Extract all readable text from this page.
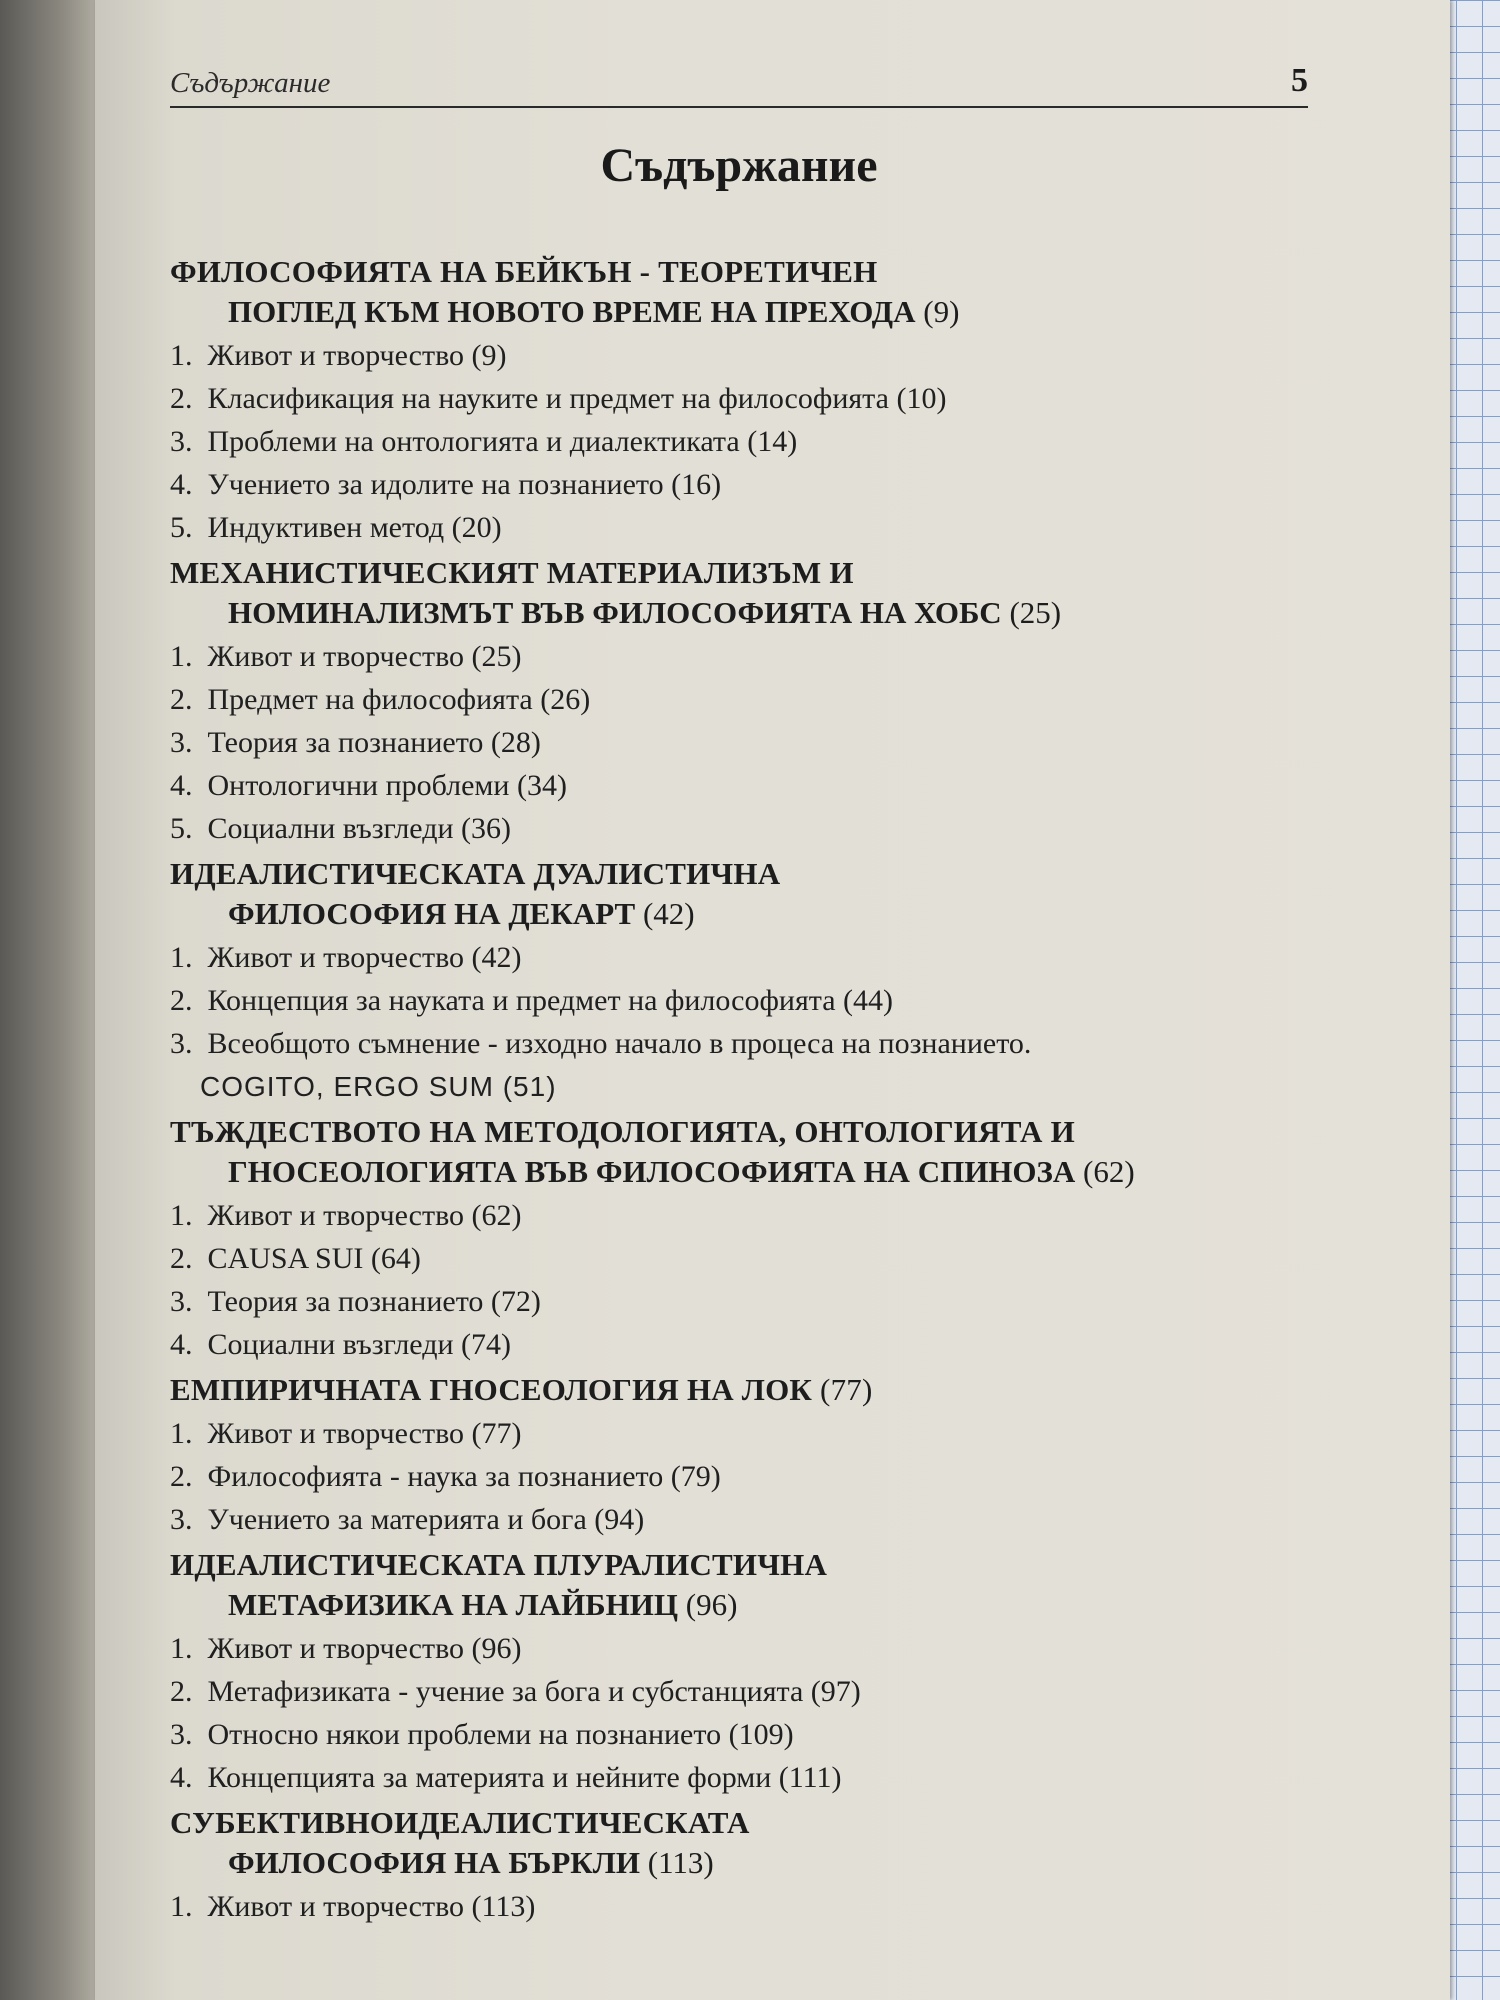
Съдържание	5
Съдържание
ФИЛОСОФИЯТА НА БЕЙКЪН - ТЕОРЕТИЧЕН
ПОГЛЕД КЪМ НОВОТО ВРЕМЕ НА ПРЕХОДА (9)
1. Живот и творчество (9)
2. Класификация на науките и предмет на философията (10)
3. Проблеми на онтологията и диалектиката (14)
4. Учението за идолите на познанието (16)
5. Индуктивен метод (20)
МЕХАНИСТИЧЕСКИЯТ МАТЕРИАЛИЗЪМ И
НОМИНАЛИЗМЪТ ВЪВ ФИЛОСОФИЯТА НА ХОБС (25)
1. Живот и творчество (25)
2. Предмет на философията (26)
3. Теория за познанието (28)
4. Онтологични проблеми (34)
5. Социални възгледи (36)
ИДЕАЛИСТИЧЕСКАТА ДУАЛИСТИЧНА
ФИЛОСОФИЯ НА ДЕКАРТ (42)
1. Живот и творчество (42)
2. Концепция за науката и предмет на философията (44)
3. Всеобщото съмнение - изходно начало в процеса на познанието.
COGITO, ERGO SUM (51)
ТЪЖДЕСТВОТО НА МЕТОДОЛОГИЯТА, ОНТОЛОГИЯТА И
ГНОСЕОЛОГИЯТА ВЪВ ФИЛОСОФИЯТА НА СПИНОЗА (62)
1. Живот и творчество (62)
2. CAUSA SUI (64)
3. Теория за познанието (72)
4. Социални възгледи (74)
ЕМПИРИЧНАТА ГНОСЕОЛОГИЯ НА ЛОК (77)
1. Живот и творчество (77)
2. Философията - наука за познанието (79)
3. Учението за материята и бога (94)
ИДЕАЛИСТИЧЕСКАТА ПЛУРАЛИСТИЧНА
МЕТАФИЗИКА НА ЛАЙБНИЦ (96)
1. Живот и творчество (96)
2. Метафизиката - учение за бога и субстанцията (97)
3. Относно някои проблеми на познанието (109)
4. Концепцията за материята и нейните форми (111)
СУБЕКТИВНОИДЕАЛИСТИЧЕСКАТА
ФИЛОСОФИЯ НА БЪРКЛИ (113)
1. Живот и творчество (113)
